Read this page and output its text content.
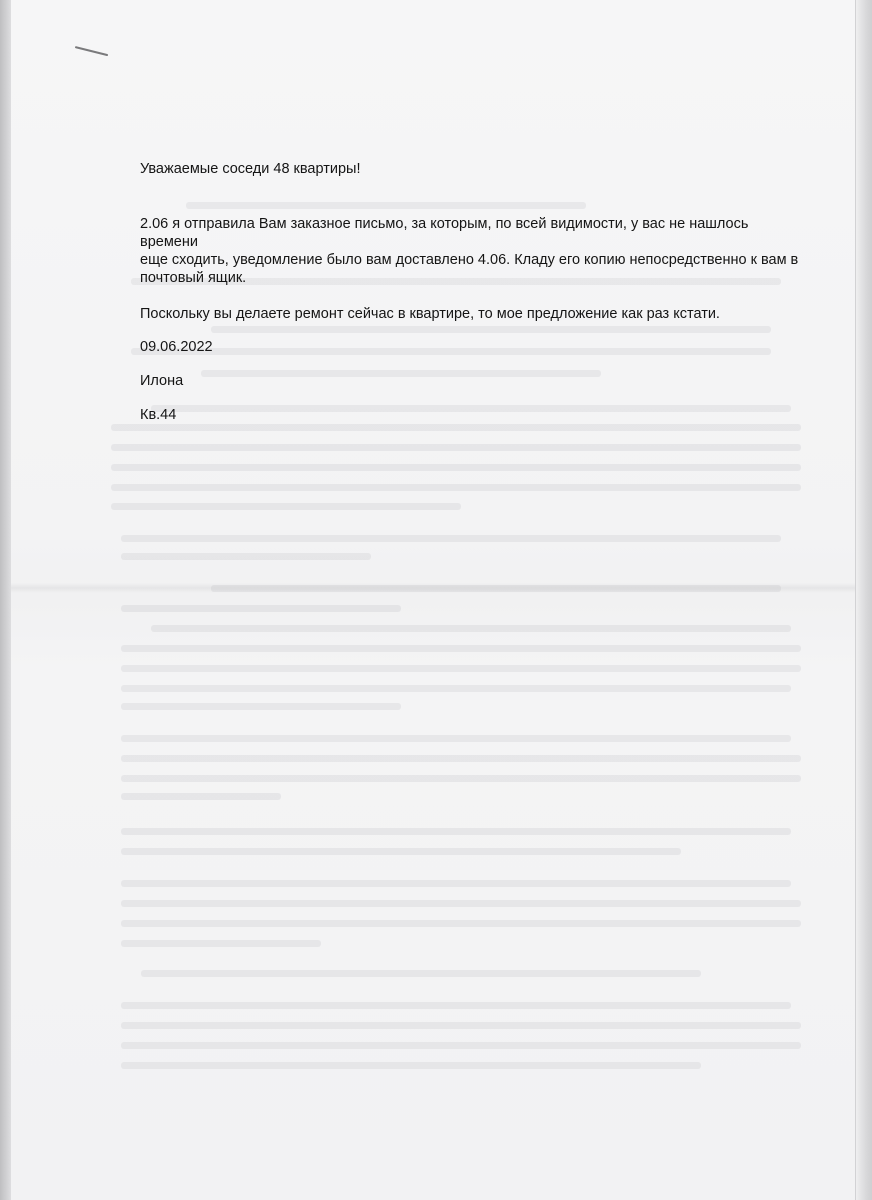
Уважаемые соседи 48 квартиры!

2.06 я отправила Вам заказное письмо, за которым, по всей видимости, у вас не нашлось времени

еще сходить, уведомление было вам доставлено 4.06. Кладу его копию непосредственно к вам в

почтовый ящик.

Поскольку вы делаете ремонт сейчас в квартире, то мое предложение как раз кстати.

09.06.2022

Илона

Кв.44
